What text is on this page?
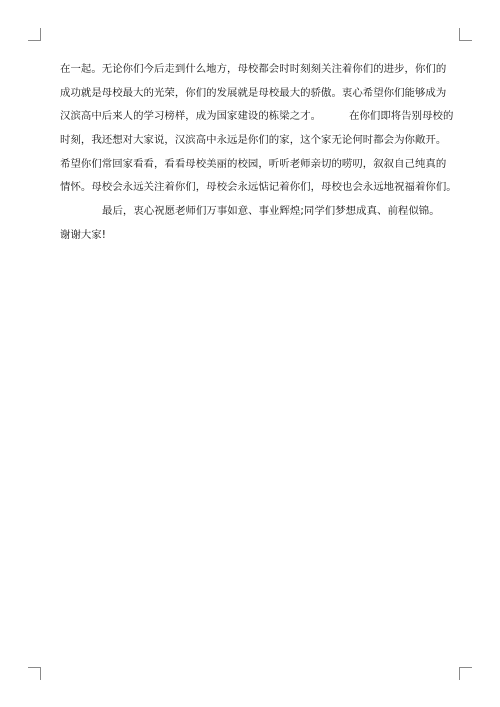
在一起。无论你们今后走到什么地方，母校都会时时刻刻关注着你们的进步，你们的
成功就是母校最大的光荣，你们的发展就是母校最大的骄傲。衷心希望你们能够成为
汉滨高中后来人的学习榜样，成为国家建设的栋梁之才。	在你们即将告别母校的
时刻，我还想对大家说，汉滨高中永远是你们的家，这个家无论何时都会为你敞开。
希望你们常回家看看，看看母校美丽的校园，听听老师亲切的唠叨，叙叙自己纯真的
情怀。母校会永远关注着你们，母校会永远惦记着你们，母校也会永远地祝福着你们。
最后，衷心祝愿老师们万事如意、事业辉煌;同学们梦想成真、前程似锦。
谢谢大家!
